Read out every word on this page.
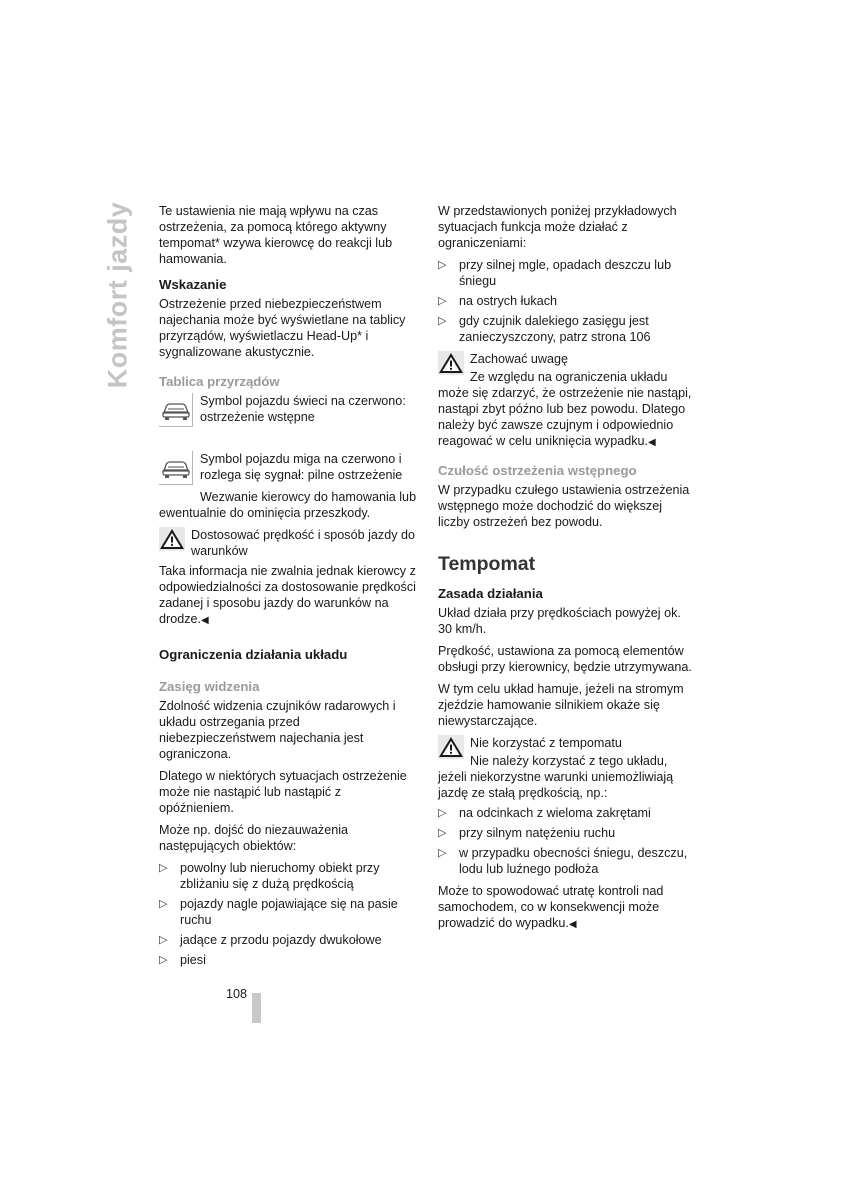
Komfort jazdy Te ustawienia nie mają wpływu na czas ostrzeżenia, za pomocą którego aktywny tempomat* wzywa kierowcę do reakcji lub hamowania.

Wskazanie

Ostrzeżenie przed niebezpieczeństwem najechania może być wyświetlane na tablicy przyrządów, wyświetlaczu Head-Up* i sygnalizowane akustycznie.

Tablica przyrządów
Symbol pojazdu świeci na czerwono: ostrzeżenie wstępne
Symbol pojazdu miga na czerwono i rozlega się sygnał: pilne ostrzeżenie

Wezwanie kierowcy do hamowania lub ewentualnie do ominięcia przeszkody.

Dostosować prędkość i sposób jazdy do
warunków

Taka informacja nie zwalnia jednak kierowcy z odpowiedzialności za dostosowanie prędkości zadanej i sposobu jazdy do warunków na drodze.◀

Ograniczenia działania układu
Zasięg widzenia

Zdolność widzenia czujników radarowych i układu ostrzegania przed niebezpieczeństwem najechania jest ograniczona.

Dlatego w niektórych sytuacjach ostrzeżenie może nie nastąpić lub nastąpić z opóźnieniem.

Może np. dojść do niezauważenia następujących obiektów:

▷ powolny lub nieruchomy obiekt przy zbliżaniu się z dużą prędkością
▷ pojazdy nagle pojawiające się na pasie ruchu
▷ jadące z przodu pojazdy dwukołowe
▷ piesi

W przedstawionych poniżej przykładowych sytuacjach funkcja może działać z ograniczeniami:

▷ przy silnej mgle, opadach deszczu lub śniegu
▷ na ostrych łukach
▷ gdy czujnik dalekiego zasięgu jest zanieczyszczony, patrz strona 106
Zachować uwagę
Ze względu na ograniczenia układu może się zdarzyć, że ostrzeżenie nie nastąpi, nastąpi zbyt późno lub bez powodu. Dlatego należy być zawsze czujnym i odpowiednio reagować w celu uniknięcia wypadku.◀
Czułość ostrzeżenia wstępnego

W przypadku czułego ustawienia ostrzeżenia wstępnego może dochodzić do większej liczby ostrzeżeń bez powodu.

Tempomat
Zasada działania

Układ działa przy prędkościach powyżej ok. 30 km/h.

Prędkość, ustawiona za pomocą elementów obsługi przy kierownicy, będzie utrzymywana.

W tym celu układ hamuje, jeżeli na stromym zjeździe hamowanie silnikiem okaże się niewystarczające.

Nie korzystać z tempomatu
Nie należy korzystać z tego układu, jeżeli niekorzystne warunki uniemożliwiają jazdę ze stałą prędkością, np.:
▷ na odcinkach z wieloma zakrętami
▷ przy silnym natężeniu ruchu
▷ w przypadku obecności śniegu, deszczu, lodu lub luźnego podłoża

Może to spowodować utratę kontroli nad samochodem, co w konsekwencji może prowadzić do wypadku.◀

108
